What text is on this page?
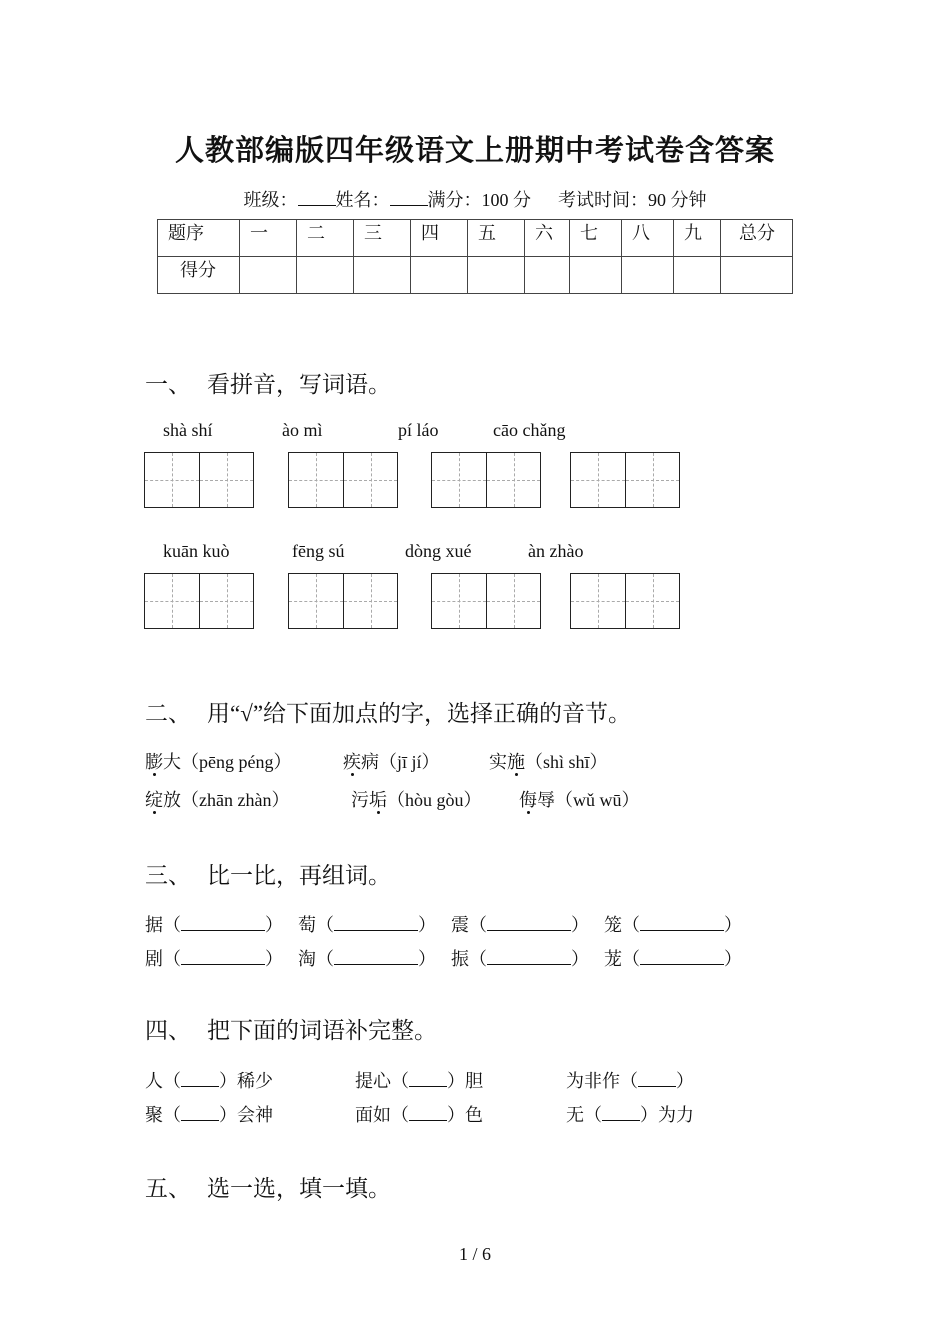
人教部编版四年级语文上册期中考试卷含答案
班级： 姓名： 满分：100 分 考试时间：90 分钟
题序	一	二	三	四	五	六	七	八	九	总分
得分										
一、 看拼音，写词语。
shà shí	ào mì	pí láo	cāo chǎng
kuān kuò	fēng sú	dòng xué	àn zhào
二、 用“√”给下面加点的字，选择正确的音节。
膨大（pēng péng）	疾病（jī jí）	实施（shì shī）
绽放（zhān zhàn）	污垢（hòu gòu） 侮辱（wǔ wū）
三、 比一比，再组词。
据（	） 萄（	） 震（	） 笼（	）
剧（	） 淘（	） 振（	） 茏（	）
四、 把下面的词语补完整。
人（ ）稀少	提心（ ）胆	为非作（ ）
聚（ ）会神	面如（ ）色	无（ ）为力
五、 选一选，填一填。
1 / 6
